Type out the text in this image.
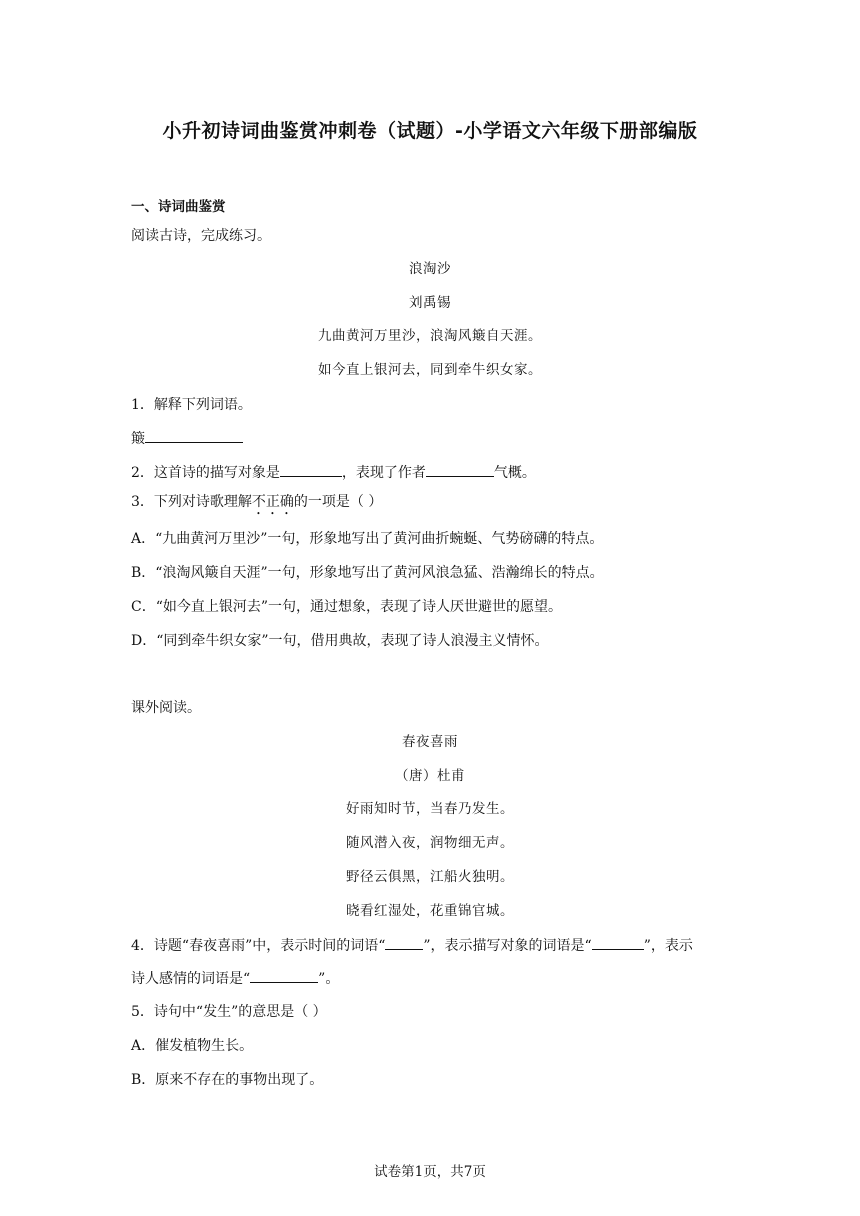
小升初诗词曲鉴赏冲刺卷（试题）-小学语文六年级下册部编版
一、诗词曲鉴赏
阅读古诗，完成练习。
浪淘沙
刘禹锡
九曲黄河万里沙，浪淘风簸自天涯。
如今直上银河去，同到牵牛织女家。
1．解释下列词语。
簸
2．这首诗的描写对象是	，表现了作者	气概。
3．下列对诗歌理解不正确的一项是（ ）
A．“九曲黄河万里沙”一句，形象地写出了黄河曲折蜿蜒、气势磅礴的特点。
B．“浪淘风簸自天涯”一句，形象地写出了黄河风浪急猛、浩瀚绵长的特点。
C．“如今直上银河去”一句，通过想象，表现了诗人厌世避世的愿望。
D．“同到牵牛织女家”一句，借用典故，表现了诗人浪漫主义情怀。
课外阅读。
春夜喜雨
（唐）杜甫
好雨知时节，当春乃发生。
随风潜入夜，润物细无声。
野径云俱黑，江船火独明。
晓看红湿处，花重锦官城。
4．诗题“春夜喜雨”中，表示时间的词语“	”，表示描写对象的词语是“	”，表示
诗人感情的词语是“	”。
5．诗句中“发生”的意思是（ ）
A．催发植物生长。
B．原来不存在的事物出现了。
试卷第1页，共7页
